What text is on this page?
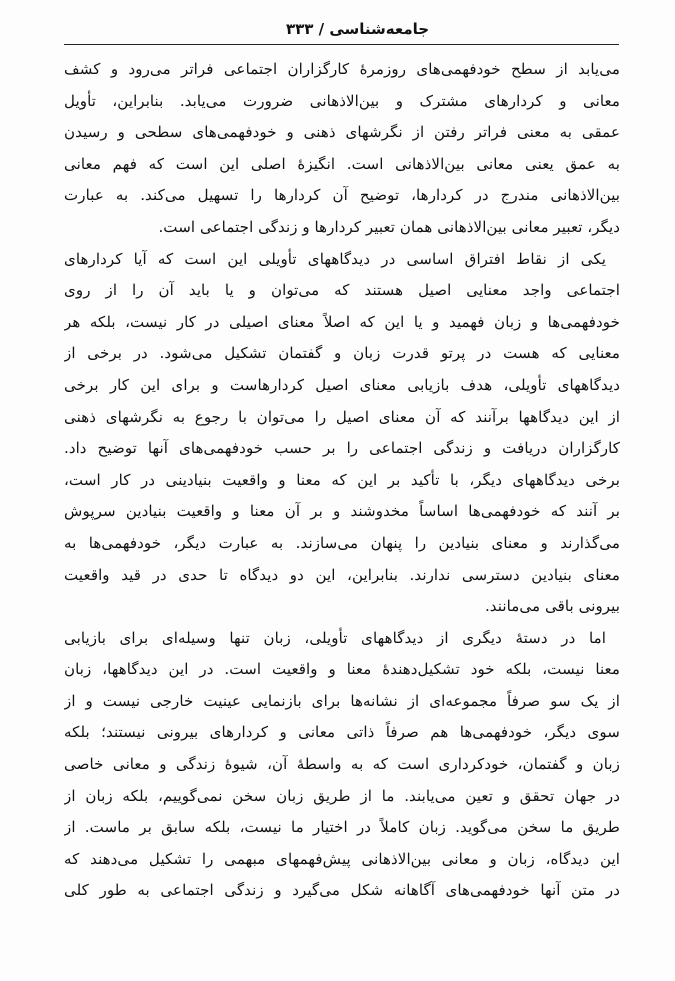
جامعه‌شناسی / ۳۳۳
می‌یابد از سطح خودفهمی‌های روزمرهٔ کارگزاران اجتماعی فراتر می‌رود و کشف
معانی و کردارهای مشترک و بین‌الاذهانی ضرورت می‌یابد. بنابراین، تأویل
عمقی به معنی فراتر رفتن از نگرشهای ذهنی و خودفهمی‌های سطحی و رسیدن
به عمق یعنی معانی بین‌الاذهانی است. انگیزهٔ اصلی این است که فهم معانی
بین‌الاذهانی مندرج در کردارها، توضیح آن کردارها را تسهیل می‌کند. به عبارت
دیگر، تعبیر معانی بین‌الاذهانی همان تعبیر کردارها و زندگی اجتماعی است.
یکی از نقاط افتراق اساسی در دیدگاههای تأویلی این است که آیا کردارهای
اجتماعی واجد معنایی اصیل هستند که می‌توان و یا باید آن را از روی
خودفهمی‌ها و زبان فهمید و یا این که اصلاً معنای اصیلی در کار نیست، بلکه هر
معنایی که هست در پرتو قدرت زبان و گفتمان تشکیل می‌شود. در برخی از
دیدگاههای تأویلی، هدف بازیابی معنای اصیل کردارهاست و برای این کار برخی
از این دیدگاهها برآنند که آن معنای اصیل را می‌توان با رجوع به نگرشهای ذهنی
کارگزاران دریافت و زندگی اجتماعی را بر حسب خودفهمی‌های آنها توضیح داد.
برخی دیدگاههای دیگر، با تأکید بر این که معنا و واقعیت بنیادینی در کار است،
بر آنند که خودفهمی‌ها اساساً مخدوشند و بر آن معنا و واقعیت بنیادین سرپوش
می‌گذارند و معنای بنیادین را پنهان می‌سازند. به عبارت دیگر، خودفهمی‌ها به
معنای بنیادین دسترسی ندارند. بنابراین، این دو دیدگاه تا حدی در قید واقعیت
بیرونی باقی می‌مانند.
اما در دستهٔ دیگری از دیدگاههای تأویلی، زبان تنها وسیله‌ای برای بازیابی
معنا نیست، بلکه خود تشکیل‌دهندهٔ معنا و واقعیت است. در این دیدگاهها، زبان
از یک سو صرفاً مجموعه‌ای از نشانه‌ها برای بازنمایی عینیت خارجی نیست و از
سوی دیگر، خودفهمی‌ها هم صرفاً ذاتی معانی و کردارهای بیرونی نیستند؛ بلکه
زبان و گفتمان، خودکرداری است که به واسطهٔ آن، شیوهٔ زندگی و معانی خاصی
در جهان تحقق و تعین می‌یابند. ما از طریق زبان سخن نمی‌گوییم، بلکه زبان از
طریق ما سخن می‌گوید. زبان کاملاً در اختیار ما نیست، بلکه سابق بر ماست. از
این دیدگاه، زبان و معانی بین‌الاذهانی پیش‌فهمهای مبهمی را تشکیل می‌دهند که
در متن آنها خودفهمی‌های آگاهانه شکل می‌گیرد و زندگی اجتماعی به طور کلی
